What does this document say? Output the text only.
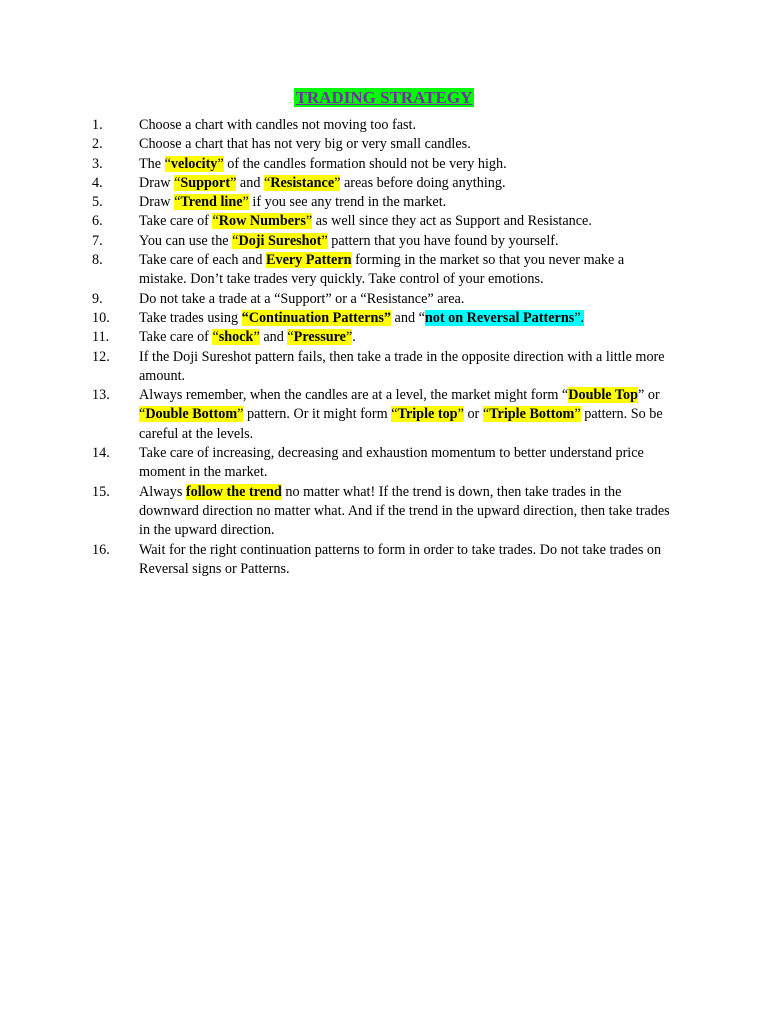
TRADING STRATEGY
1.	Choose a chart with candles not moving too fast.
2.	Choose a chart that has not very big or very small candles.
3.	The “velocity” of the candles formation should not be very high.
4.	Draw “Support” and “Resistance” areas before doing anything.
5.	Draw “Trend line” if you see any trend in the market.
6.	Take care of “Row Numbers” as well since they act as Support and Resistance.
7.	You can use the “Doji Sureshot” pattern that you have found by yourself.
8.	Take care of each and Every Pattern forming in the market so that you never make a mistake. Don’t take trades very quickly. Take control of your emotions.
9.	Do not take a trade at a “Support” or a “Resistance” area.
10. Take trades using “Continuation Patterns” and “not on Reversal Patterns”.
11. Take care of “shock” and “Pressure”.
12. If the Doji Sureshot pattern fails, then take a trade in the opposite direction with a little more amount.
13. Always remember, when the candles are at a level, the market might form “Double Top” or “Double Bottom” pattern. Or it might form “Triple top” or “Triple Bottom” pattern. So be careful at the levels.
14. Take care of increasing, decreasing and exhaustion momentum to better understand price moment in the market.
15. Always follow the trend no matter what! If the trend is down, then take trades in the downward direction no matter what. And if the trend in the upward direction, then take trades in the upward direction.
16. Wait for the right continuation patterns to form in order to take trades. Do not take trades on Reversal signs or Patterns.
